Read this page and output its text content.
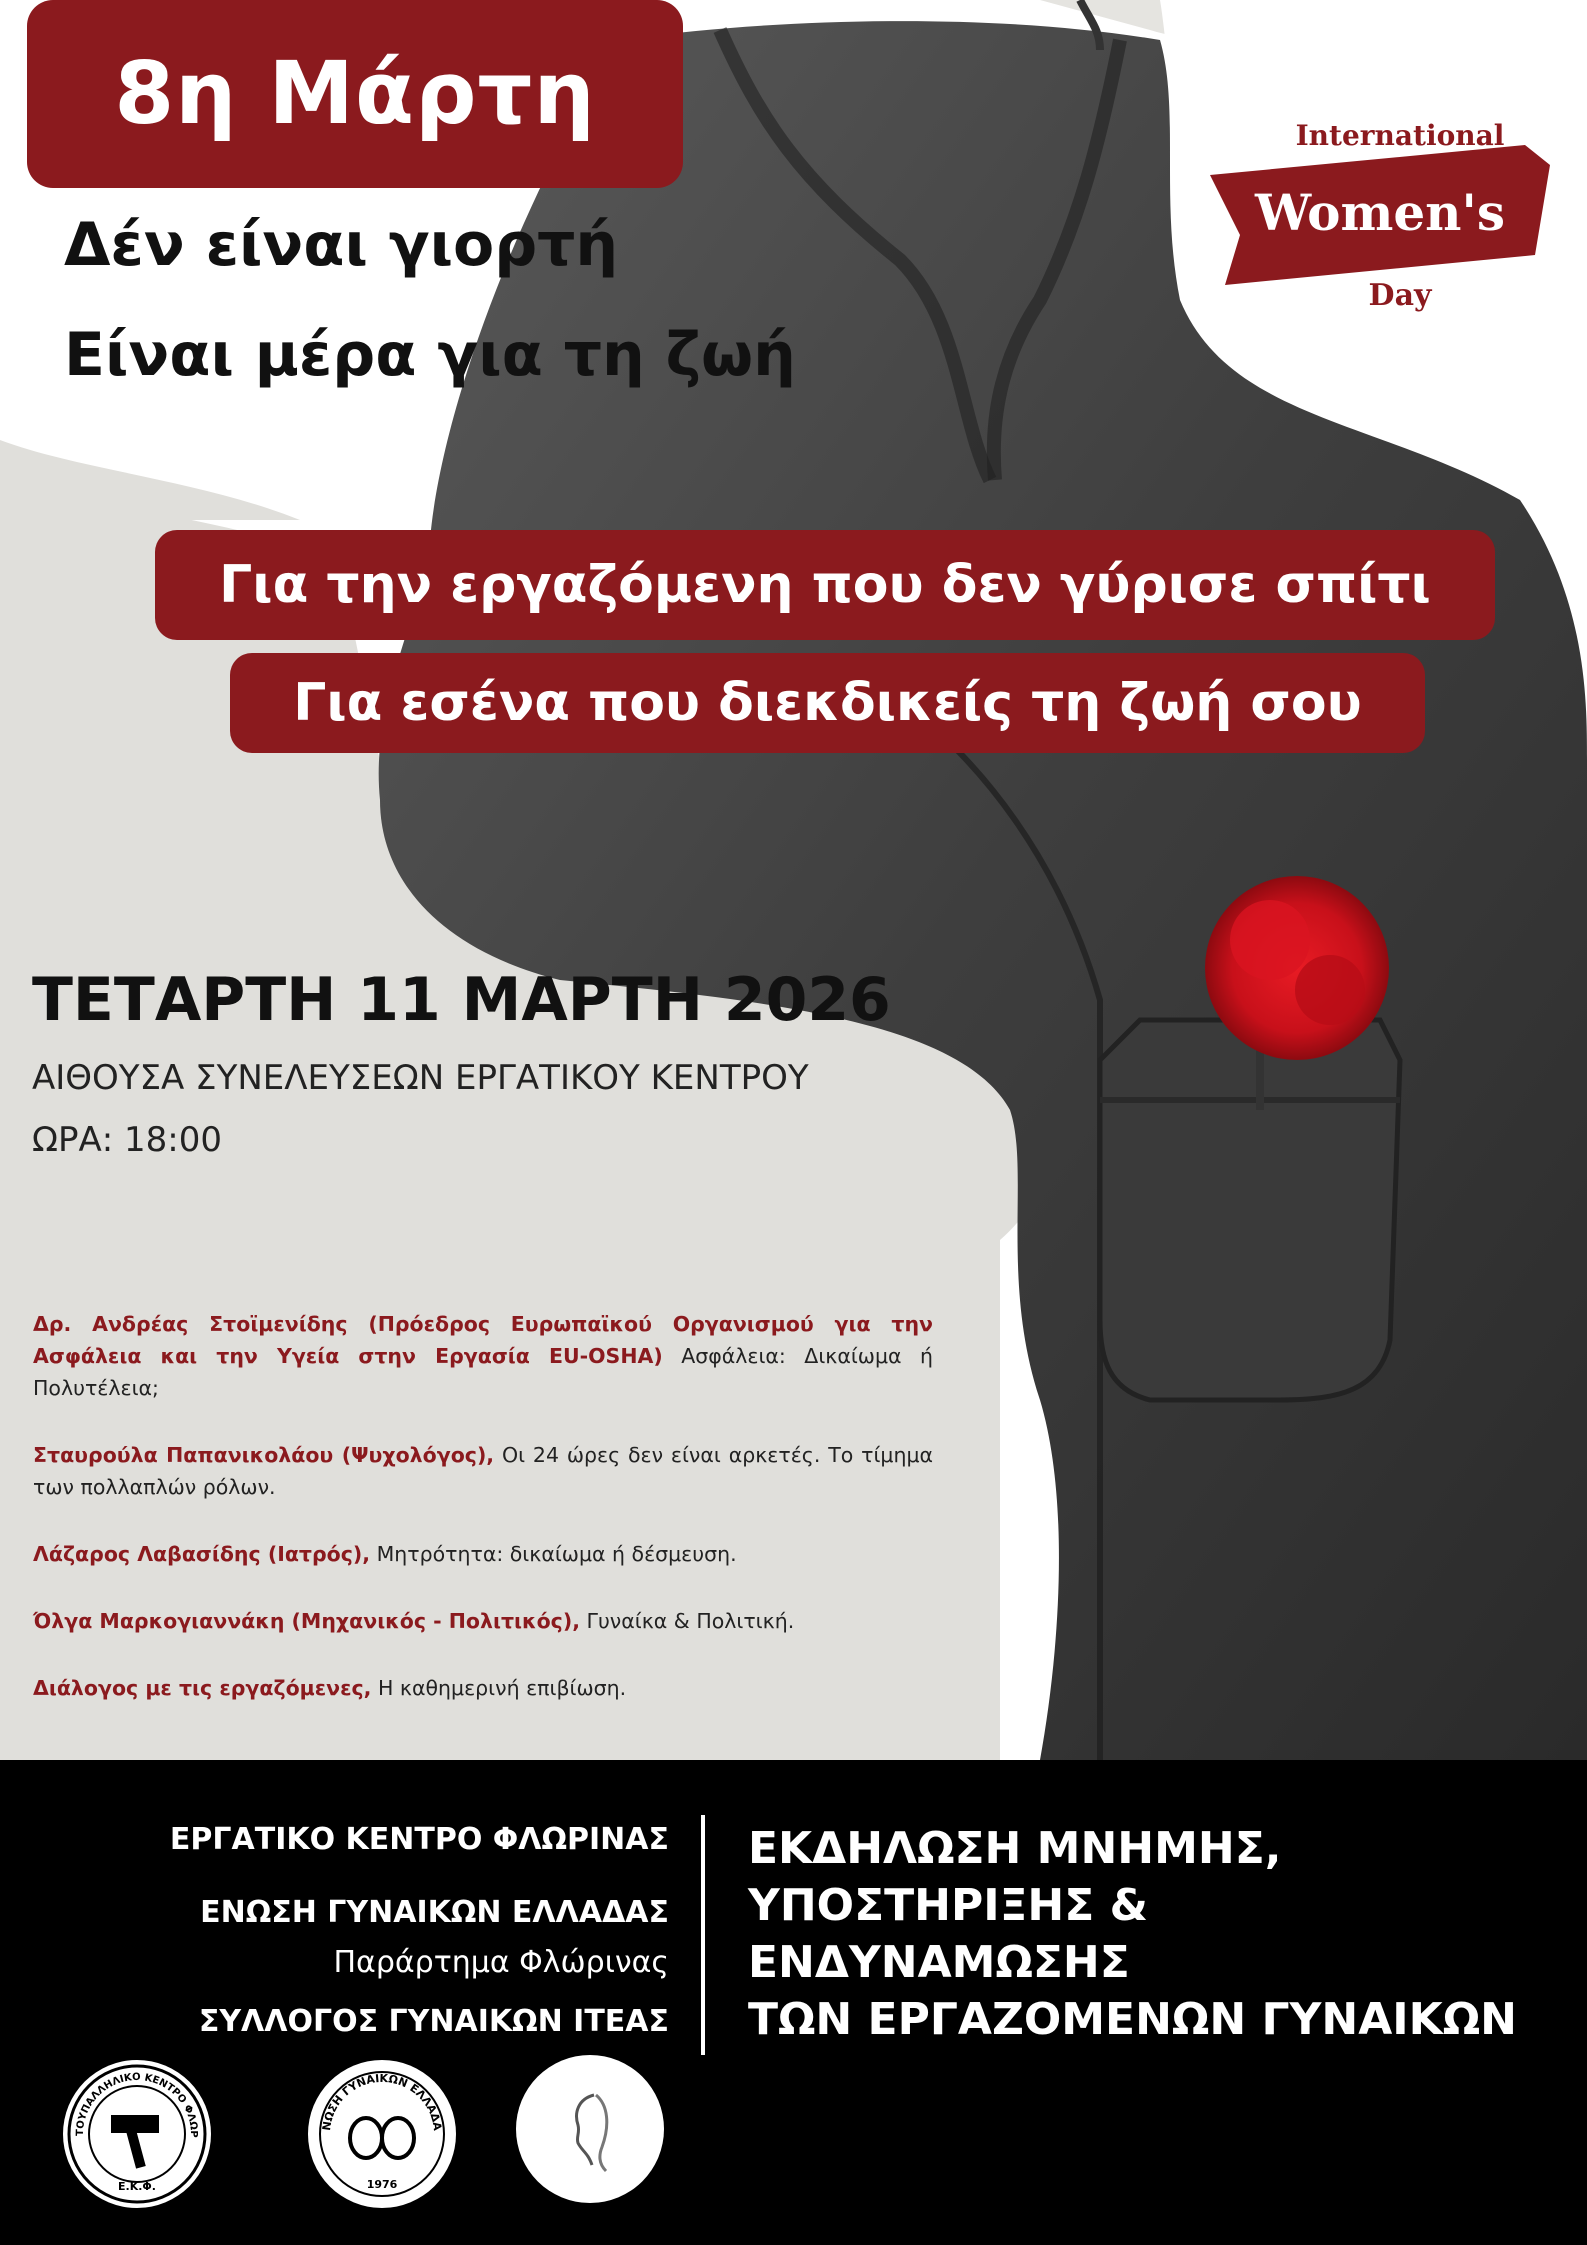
8η Μάρτη
Δέν είναι γιορτή
Είναι μέρα για τη ζωή
International
Women's
Day
Για την εργαζόμενη που δεν γύρισε σπίτι
Για εσένα που διεκδικείς τη ζωή σου
ΤΕΤΑΡΤΗ 11 ΜΑΡΤΗ 2026
ΑΙΘΟΥΣΑ ΣΥΝΕΛΕΥΣΕΩΝ ΕΡΓΑΤΙΚΟΥ ΚΕΝΤΡΟΥ
ΩΡΑ: 18:00

Δρ. Ανδρέας Στοϊμενίδης (Πρόεδρος Ευρωπαϊκού Οργανισμού για την Ασφάλεια και την Υγεία στην Εργασία EU-OSHA) Ασφάλεια: Δικαίωμα ή Πολυτέλεια;

Σταυρούλα Παπανικολάου (Ψυχολόγος), Οι 24 ώρες δεν είναι αρκετές. Το τίμημα των πολλαπλών ρόλων.

Λάζαρος Λαβασίδης (Ιατρός), Μητρότητα: δικαίωμα ή δέσμευση.

Όλγα Μαρκογιαννάκη (Μηχανικός - Πολιτικός), Γυναίκα & Πολιτική.

Διάλογος με τις εργαζόμενες, Η καθημερινή επιβίωση.

ΕΡΓΑΤΙΚΟ ΚΕΝΤΡΟ ΦΛΩΡΙΝΑΣ
ΕΝΩΣΗ ΓΥΝΑΙΚΩΝ ΕΛΛΑΔΑΣ
Παράρτημα Φλώρινας
ΣΥΛΛΟΓΟΣ ΓΥΝΑΙΚΩΝ ΙΤΕΑΣ
ΕΚΔΗΛΩΣΗ ΜΝΗΜΗΣ,
ΥΠΟΣΤΗΡΙΞΗΣ &
ΕΝΔΥΝΑΜΩΣΗΣ
ΤΩΝ ΕΡΓΑΖΟΜΕΝΩΝ ΓΥΝΑΙΚΩΝ
ΤΟΥΠΑΛΛΗΛΙΚΟ ΚΕΝΤΡΟ ΦΛΩΡ
Ε.Κ.Φ.
ΝΩΣΗ ΓΥΝΑΙΚΩΝ ΕΛΛΑΔΑ
1976
